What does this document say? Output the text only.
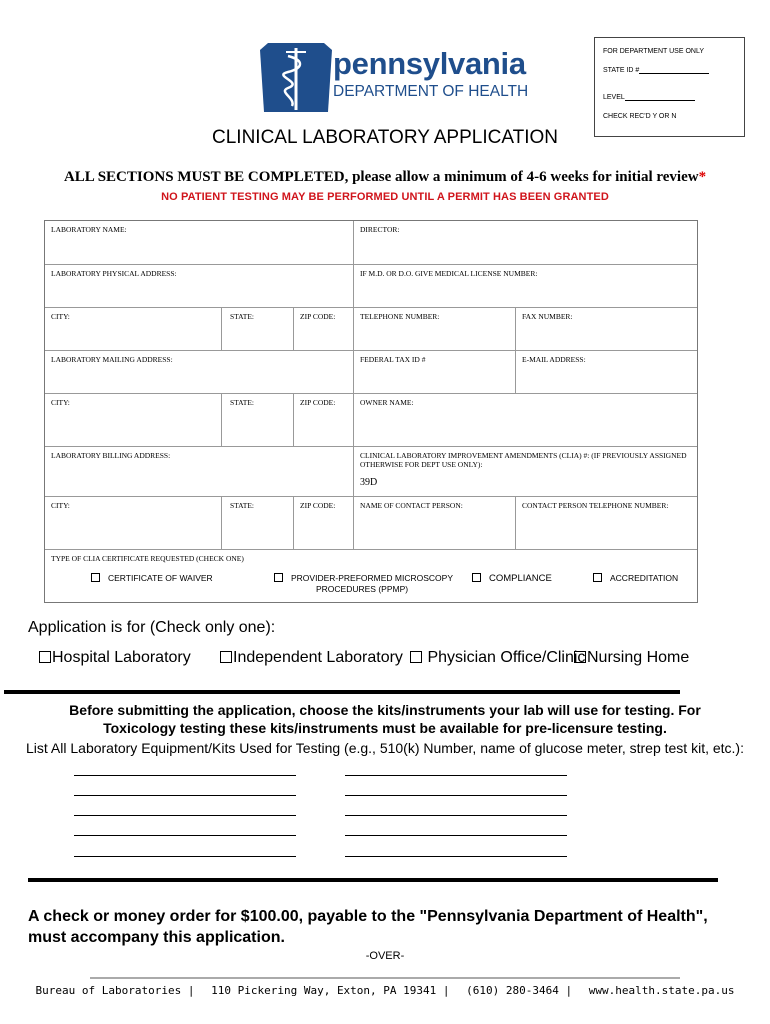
pennsylvania
DEPARTMENT OF HEALTH
FOR DEPARTMENT USE ONLY
STATE ID #
LEVEL
CHECK REC'D Y OR N
CLINICAL LABORATORY APPLICATION
ALL SECTIONS MUST BE COMPLETED, please allow a minimum of 4-6 weeks for initial review*
NO PATIENT TESTING MAY BE PERFORMED UNTIL A PERMIT HAS BEEN GRANTED
LABORATORY NAME:	DIRECTOR:
LABORATORY PHYSICAL ADDRESS:	IF M.D. OR D.O. GIVE MEDICAL LICENSE NUMBER:
CITY:	STATE:	ZIP CODE:	TELEPHONE NUMBER:	FAX NUMBER:
LABORATORY MAILING ADDRESS:	FEDERAL TAX ID #	E-MAIL ADDRESS:
CITY:	STATE:	ZIP CODE:	OWNER NAME:
LABORATORY BILLING ADDRESS:	CLINICAL LABORATORY IMPROVEMENT AMENDMENTS (CLIA) #: (IF PREVIOUSLY ASSIGNED OTHERWISE FOR DEPT USE ONLY):
39D
CITY:	STATE:	ZIP CODE:	NAME OF CONTACT PERSON:	CONTACT PERSON TELEPHONE NUMBER:
TYPE OF CLIA CERTIFICATE REQUESTED (CHECK ONE)
CERTIFICATE OF WAIVER	PROVIDER-PREFORMED MICROSCOPY
PROCEDURES (PPMP)
COMPLIANCE	ACCREDITATION
Application is for (Check only one):
Hospital Laboratory	Independent Laboratory	Physician Office/Clinic Nursing Home
Before submitting the application, choose the kits/instruments your lab will use for testing. For
Toxicology testing these kits/instruments must be available for pre-licensure testing.
List All Laboratory Equipment/Kits Used for Testing (e.g., 510(k) Number, name of glucose meter, strep test kit, etc.):
A check or money order for $100.00, payable to the "Pennsylvania Department of Health", must accompany this application.
-OVER-
Bureau of Laboratories | 110 Pickering Way, Exton, PA 19341 | (610) 280-3464 | www.health.state.pa.us
